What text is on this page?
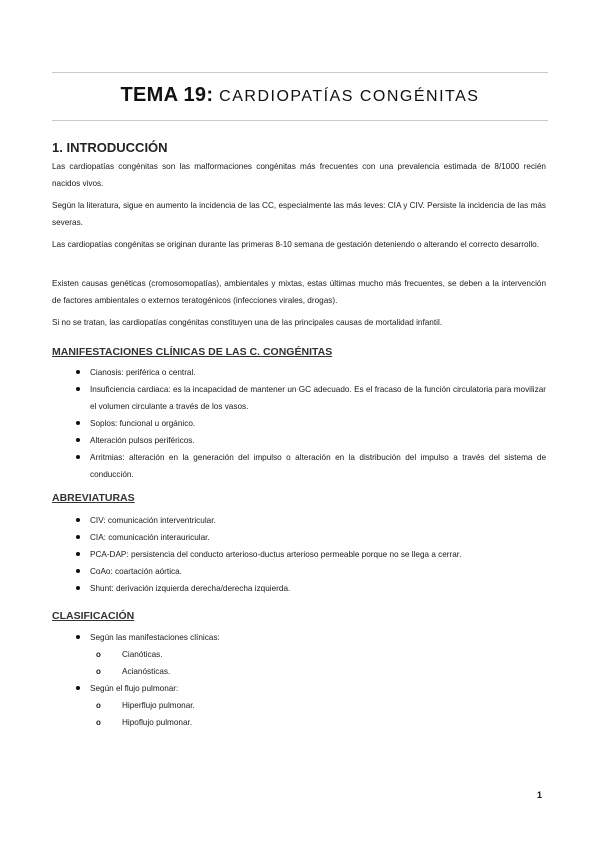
TEMA 19: CARDIOPATÍAS CONGÉNITAS
1. INTRODUCCIÓN
Las cardiopatías congénitas son las malformaciones congénitas más frecuentes con una prevalencia estimada de 8/1000 recién nacidos vivos.
Según la literatura, sigue en aumento la incidencia de las CC, especialmente las más leves: CIA y CIV. Persiste la incidencia de las más severas.
Las cardiopatías congénitas se originan durante las primeras 8-10 semana de gestación deteniendo o alterando el correcto desarrollo.
Existen causas genéticas (cromosomopatías), ambientales y mixtas, estas últimas mucho más frecuentes, se deben a la intervención de factores ambientales o externos teratogénicos (infecciones virales, drogas).
Si no se tratan, las cardiopatías congénitas constituyen una de las principales causas de mortalidad infantil.
MANIFESTACIONES CLÍNICAS DE LAS C. CONGÉNITAS
Cianosis: periférica o central.
Insuficiencia cardiaca: es la incapacidad de mantener un GC adecuado. Es el fracaso de la función circulatoria para movilizar el volumen circulante a través de los vasos.
Soplos: funcional u orgánico.
Alteración pulsos periféricos.
Arritmias: alteración en la generación del impulso o alteración en la distribución del impulso a través del sistema de conducción.
ABREVIATURAS
CIV: comunicación interventricular.
CIA: comunicación interauricular.
PCA-DAP: persistencia del conducto arterioso-ductus arterioso permeable porque no se llega a cerrar.
CoAo: coartación aórtica.
Shunt: derivación izquierda derecha/derecha izquierda.
CLASIFICACIÓN
Según las manifestaciones clínicas:
o Cianóticas.
o Acianósticas.
Según el flujo pulmonar:
o Hiperflujo pulmonar.
o Hipoflujo pulmonar.
1
